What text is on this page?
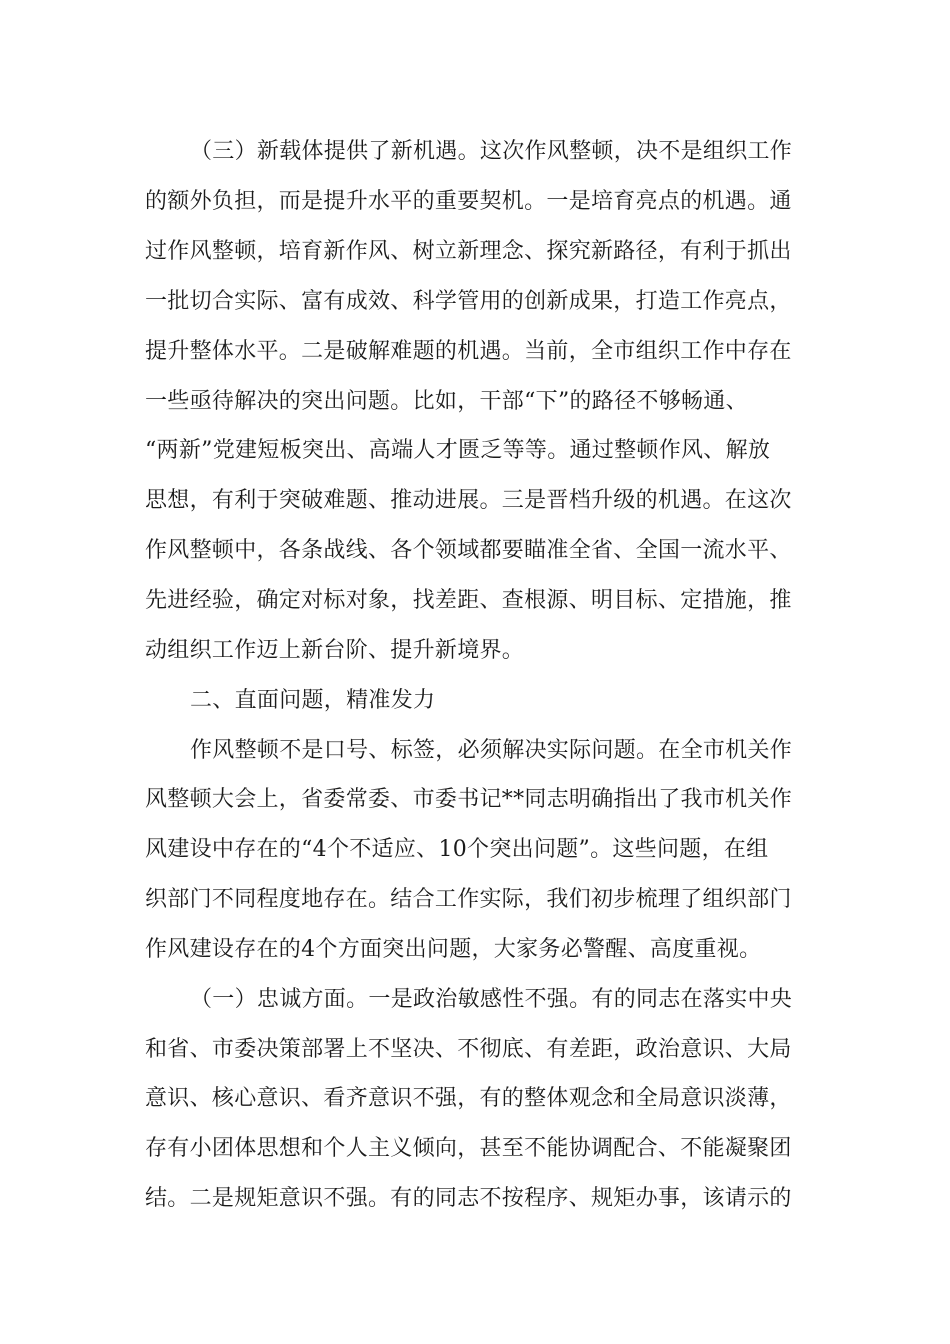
（三）新载体提供了新机遇。这次作风整顿，决不是组织工作
的额外负担，而是提升水平的重要契机。一是培育亮点的机遇。通
过作风整顿，培育新作风、树立新理念、探究新路径，有利于抓出
一批切合实际、富有成效、科学管用的创新成果，打造工作亮点，
提升整体水平。二是破解难题的机遇。当前，全市组织工作中存在
一些亟待解决的突出问题。比如，干部“下”的路径不够畅通、
“两新”党建短板突出、高端人才匮乏等等。通过整顿作风、解放
思想，有利于突破难题、推动进展。三是晋档升级的机遇。在这次
作风整顿中，各条战线、各个领域都要瞄准全省、全国一流水平、
先进经验，确定对标对象，找差距、查根源、明目标、定措施，推
动组织工作迈上新台阶、提升新境界。
二、直面问题，精准发力
作风整顿不是口号、标签，必须解决实际问题。在全市机关作
风整顿大会上，省委常委、市委书记**同志明确指出了我市机关作
风建设中存在的“4个不适应、10个突出问题”。这些问题，在组
织部门不同程度地存在。结合工作实际，我们初步梳理了组织部门
作风建设存在的4个方面突出问题，大家务必警醒、高度重视。
（一）忠诚方面。一是政治敏感性不强。有的同志在落实中央
和省、市委决策部署上不坚决、不彻底、有差距，政治意识、大局
意识、核心意识、看齐意识不强，有的整体观念和全局意识淡薄，
存有小团体思想和个人主义倾向，甚至不能协调配合、不能凝聚团
结。二是规矩意识不强。有的同志不按程序、规矩办事，该请示的
